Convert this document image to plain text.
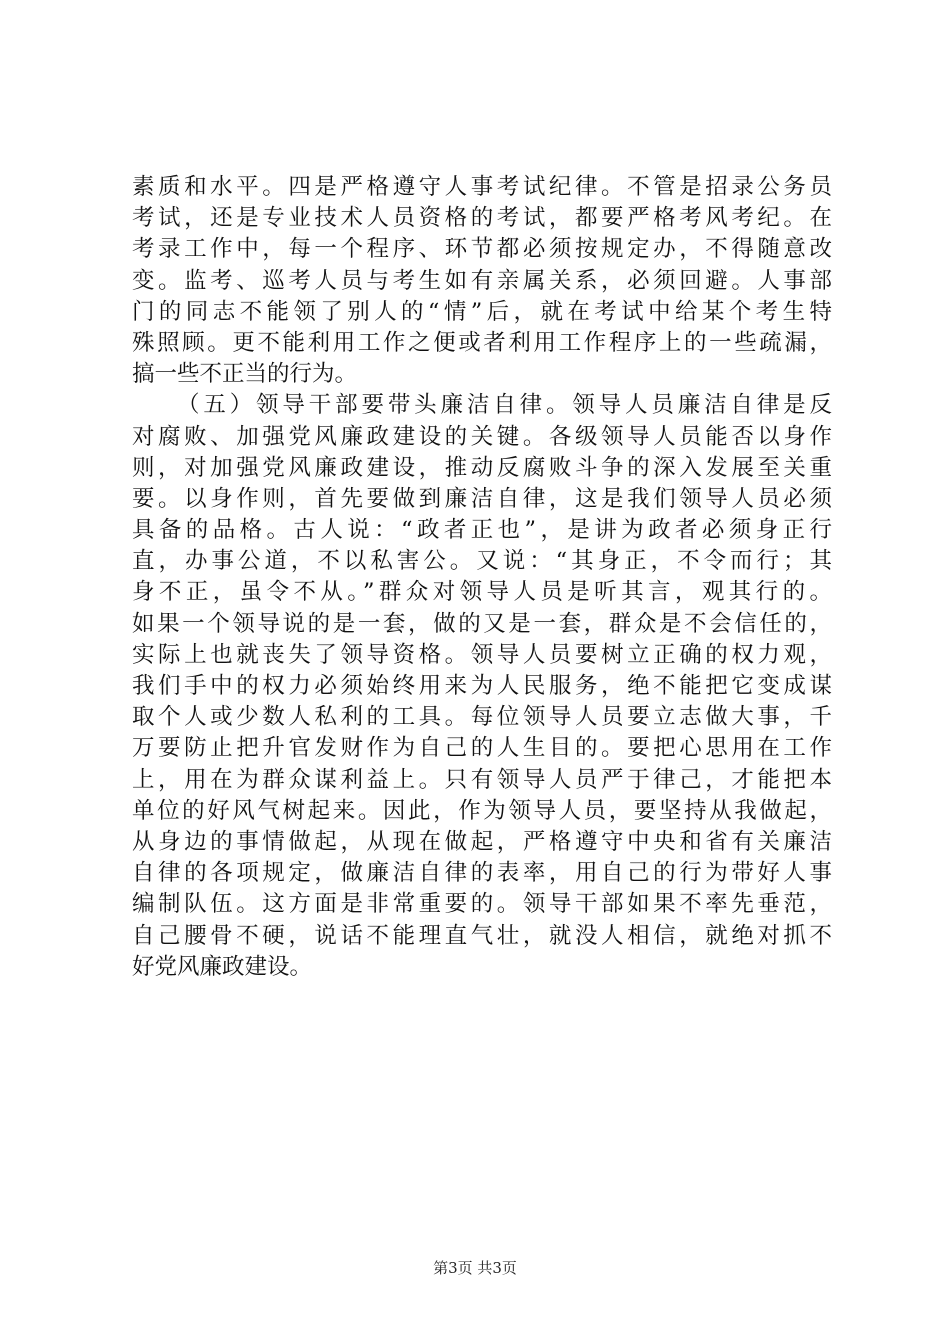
素质和水平。四是严格遵守人事考试纪律。不管是招录公务员
考试，还是专业技术人员资格的考试，都要严格考风考纪。在
考录工作中，每一个程序、环节都必须按规定办，不得随意改
变。监考、巡考人员与考生如有亲属关系，必须回避。人事部
门的同志不能领了别人的“情”后，就在考试中给某个考生特
殊照顾。更不能利用工作之便或者利用工作程序上的一些疏漏，
搞一些不正当的行为。
（五）领导干部要带头廉洁自律。领导人员廉洁自律是反
对腐败、加强党风廉政建设的关键。各级领导人员能否以身作
则，对加强党风廉政建设，推动反腐败斗争的深入发展至关重
要。以身作则，首先要做到廉洁自律，这是我们领导人员必须
具备的品格。古人说：“政者正也”，是讲为政者必须身正行
直，办事公道，不以私害公。又说：“其身正，不令而行；其
身不正，虽令不从。”群众对领导人员是听其言，观其行的。
如果一个领导说的是一套，做的又是一套，群众是不会信任的，
实际上也就丧失了领导资格。领导人员要树立正确的权力观，
我们手中的权力必须始终用来为人民服务，绝不能把它变成谋
取个人或少数人私利的工具。每位领导人员要立志做大事，千
万要防止把升官发财作为自己的人生目的。要把心思用在工作
上，用在为群众谋利益上。只有领导人员严于律己，才能把本
单位的好风气树起来。因此，作为领导人员，要坚持从我做起，
从身边的事情做起，从现在做起，严格遵守中央和省有关廉洁
自律的各项规定，做廉洁自律的表率，用自己的行为带好人事
编制队伍。这方面是非常重要的。领导干部如果不率先垂范，
自己腰骨不硬，说话不能理直气壮，就没人相信，就绝对抓不
好党风廉政建设。
第3页 共3页
